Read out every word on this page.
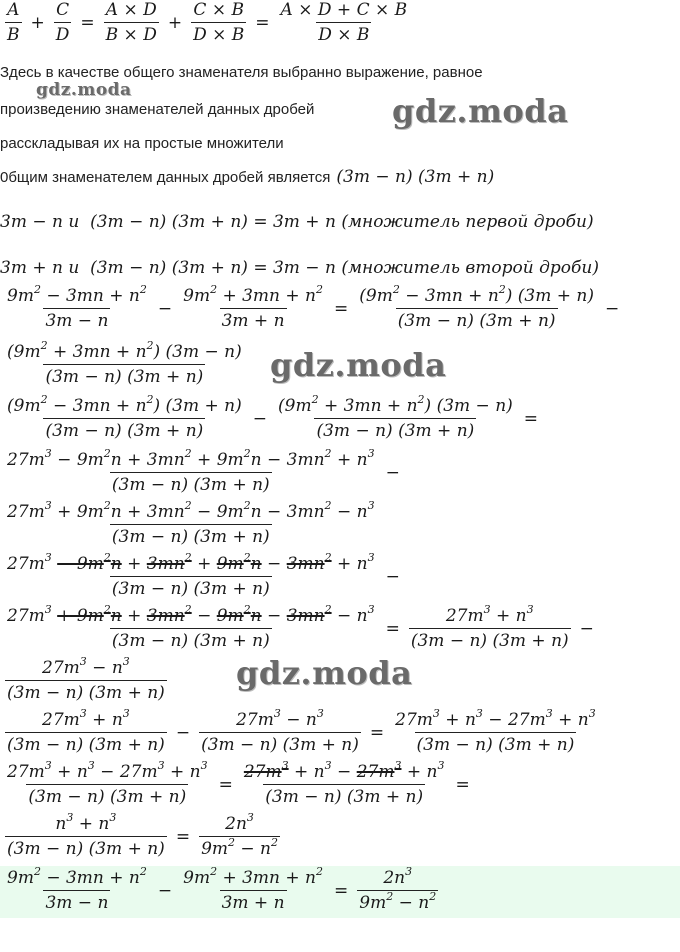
gdz.moda
gdz.moda
gdz.moda
gdz.moda
$\frac{A}{B} + \frac{C}{D} = \frac{A \times D}{B \times D} + \frac{C \times B}{D \times B} = \frac{A \times D + C \times B}{D \times B}$
Здесь в качестве общего знаменателя выбранно выражение, равное
произведению знаменателей данных дробей
рассклaдывая их на простые множители
0бщим знаменателем данных дробей является (3m − n) (3m + n)
3m − n и  (3m − n) (3m + n) = 3m + n (множитель первой дроби)
3m + n и  (3m − n) (3m + n) = 3m − n (множитель второй дроби)
$\frac{9m^2 - 3mn + n^2}{3m - n} - \frac{9m^2 + 3mn + n^2}{3m + n} = \frac{(9m^2 - 3mn + n^2) (3m + n)}{(3m - n) (3m + n)}$ −
$\frac{(9m^2 + 3mn + n^2) (3m - n)}{(3m - n) (3m + n)}$
$\frac{(9m^2 - 3mn + n^2) (3m + n)}{(3m - n) (3m + n)} - \frac{(9m^2 + 3mn + n^2) (3m - n)}{(3m - n) (3m + n)}$ =
$\frac{27m^3 - 9m^2n + 3mn^2 + 9m^2n - 3mn^2 + n^3}{(3m - n) (3m + n)}$ −
$\frac{27m^3 + 9m^2n + 3mn^2 - 9m^2n - 3mn^2 - n^3}{(3m - n) (3m + n)}$
$\frac{27m^3 - 9m^2n + 3mn^2 + 9m^2n - 3mn^2 + n^3}{(3m - n) (3m + n)}$ −
$\frac{27m^3 + 9m^2n + 3mn^2 - 9m^2n - 3mn^2 - n^3}{(3m - n) (3m + n)} = \frac{27m^3 + n^3}{(3m - n) (3m + n)}$ −
$\frac{27m^3 - n^3}{(3m - n) (3m + n)}$
$\frac{27m^3 + n^3}{(3m - n) (3m + n)} - \frac{27m^3 - n^3}{(3m - n) (3m + n)} = \frac{27m^3 + n^3 - 27m^3 + n^3}{(3m - n) (3m + n)}$
$\frac{27m^3 + n^3 - 27m^3 + n^3}{(3m - n) (3m + n)} = \frac{27m^3 + n^3 - 27m^3 + n^3}{(3m - n) (3m + n)}$ =
$\frac{n^3 + n^3}{(3m - n) (3m + n)} = \frac{2n^3}{9m^2 - n^2}$
$\frac{9m^2 - 3mn + n^2}{3m - n} - \frac{9m^2 + 3mn + n^2}{3m + n} = \frac{2n^3}{9m^2 - n^2}$
